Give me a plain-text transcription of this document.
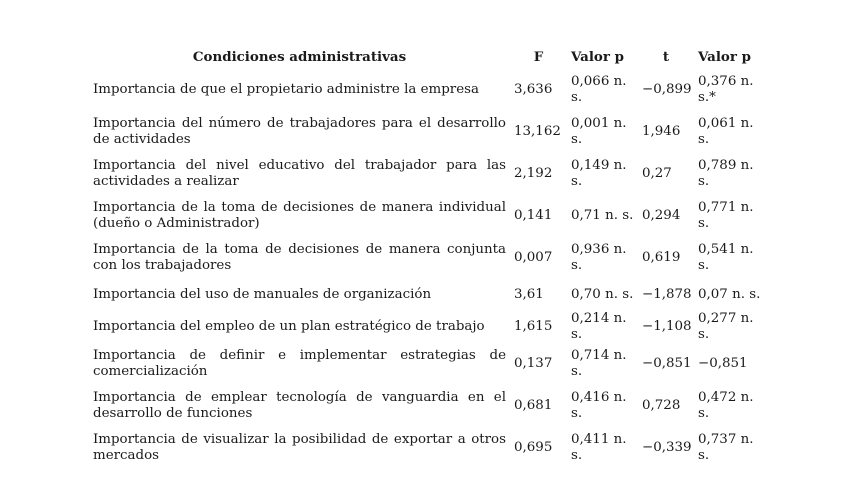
Condiciones administrativas	F	Valor p	t	Valor p
Importancia de que el propietario administre la empresa	3,636	0,066 n. s.	−0,899	0,376 n. s.*
Importancia del número de trabajadores para el desarrollo de actividades	13,162	0,001 n. s.	1,946	0,061 n. s.
Importancia del nivel educativo del trabajador para las actividades a realizar	2,192	0,149 n. s.	0,27	0,789 n. s.
Importancia de la toma de decisiones de manera individual (dueño o Administrador)	0,141	0,71 n. s.	0,294	0,771 n. s.
Importancia de la toma de decisiones de manera conjunta con los trabajadores	0,007	0,936 n. s.	0,619	0,541 n. s.
Importancia del uso de manuales de organización	3,61	0,70 n. s.	−1,878	0,07 n. s.
Importancia del empleo de un plan estratégico de trabajo	1,615	0,214 n. s.	−1,108	0,277 n. s.
Importancia de definir e implementar estrategias de comercialización	0,137	0,714 n. s.	−0,851	−0,851
Importancia de emplear tecnología de vanguardia en el desarrollo de funciones	0,681	0,416 n. s.	0,728	0,472 n. s.
Importancia de visualizar la posibilidad de exportar a otros mercados	0,695	0,411 n. s.	−0,339	0,737 n. s.
